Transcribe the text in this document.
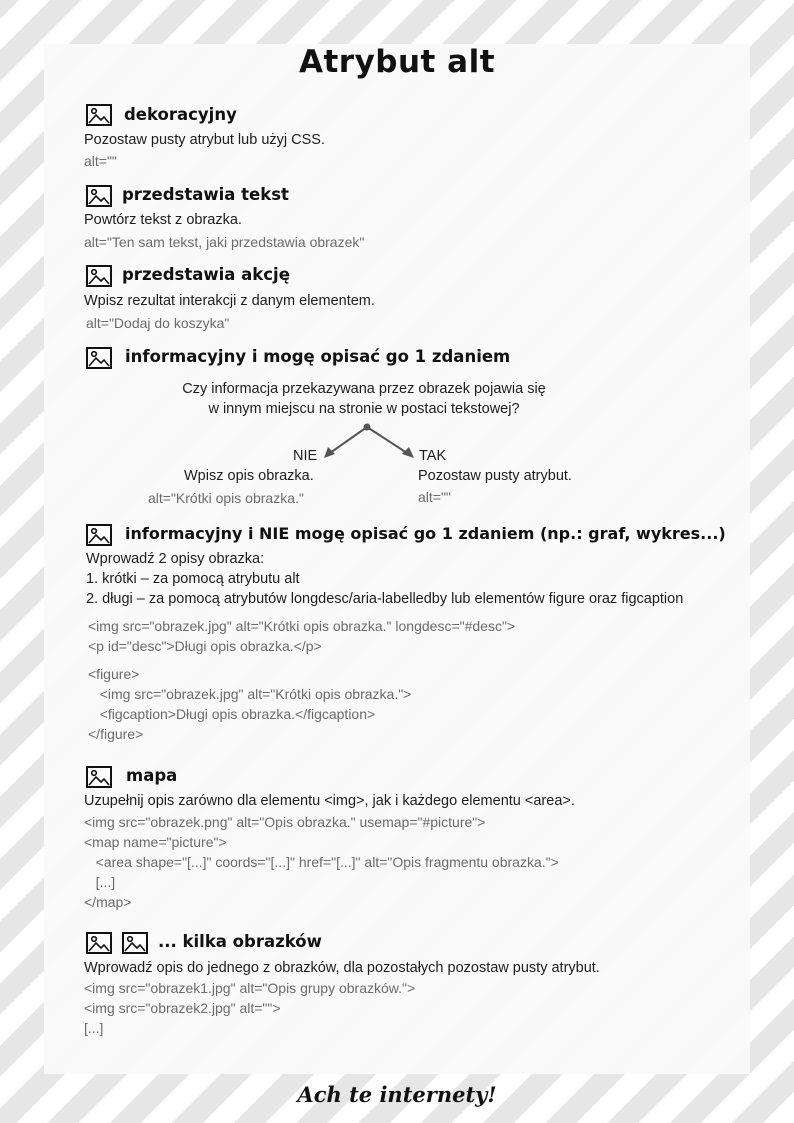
Atrybut alt
dekoracyjny
Pozostaw pusty atrybut lub użyj CSS.
alt=""
przedstawia tekst
Powtórz tekst z obrazka.
alt="Ten sam tekst, jaki przedstawia obrazek"
przedstawia akcję
Wpisz rezultat interakcji z danym elementem.
alt="Dodaj do koszyka"
informacyjny i mogę opisać go 1 zdaniem
Czy informacja przekazywana przez obrazek pojawia się
w innym miejscu na stronie w postaci tekstowej?
NIE	TAK
Wpisz opis obrazka.	Pozostaw pusty atrybut.
alt="Krótki opis obrazka."	alt=""
informacyjny i NIE mogę opisać go 1 zdaniem (np.: graf, wykres...)
Wprowadź 2 opisy obrazka:
1. krótki – za pomocą atrybutu alt
2. długi – za pomocą atrybutów longdesc/aria-labelledby lub elementów figure oraz figcaption
<img src="obrazek.jpg" alt="Krótki opis obrazka." longdesc="#desc">
<p id="desc">Długi opis obrazka.</p>
<figure>
<img src="obrazek.jpg" alt="Krótki opis obrazka.">
<figcaption>Długi opis obrazka.</figcaption>
</figure>
mapa
Uzupełnij opis zarówno dla elementu <img>, jak i każdego elementu <area>.
<img src="obrazek.png" alt="Opis obrazka." usemap="#picture">
<map name="picture">
<area shape="[...]" coords="[...]" href="[...]" alt="Opis fragmentu obrazka.">
[...]
</map>
... kilka obrazków
Wprowadź opis do jednego z obrazków, dla pozostałych pozostaw pusty atrybut.
<img src="obrazek1.jpg" alt="Opis grupy obrazków.">
<img src="obrazek2.jpg" alt="">
[...]
Ach te internety!
